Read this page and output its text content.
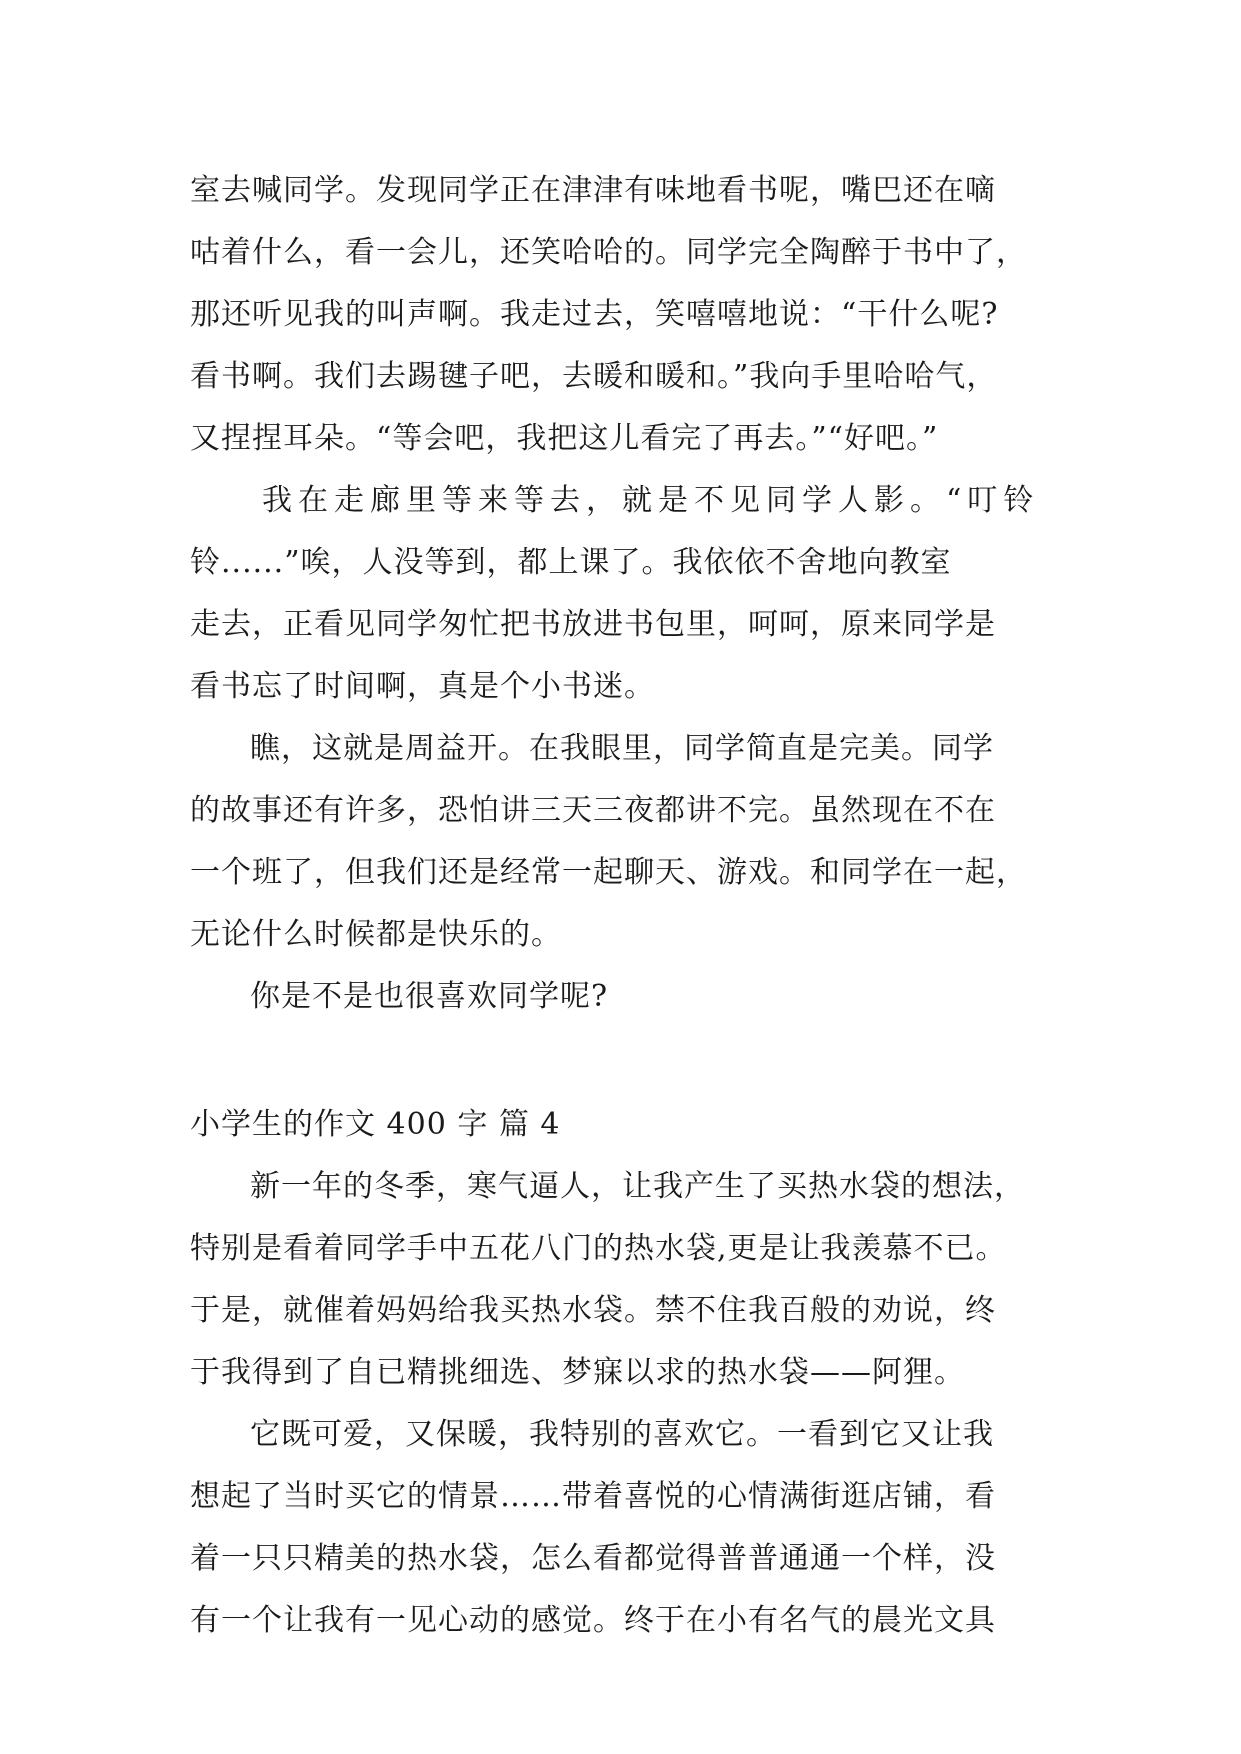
室去喊同学。发现同学正在津津有味地看书呢，嘴巴还在嘀
咕着什么，看一会儿，还笑哈哈的。同学完全陶醉于书中了，
那还听见我的叫声啊。我走过去，笑嘻嘻地说：“干什么呢?
看书啊。我们去踢毽子吧，去暖和暖和。”我向手里哈哈气，
又捏捏耳朵。“等会吧，我把这儿看完了再去。”“好吧。”
我在走廊里等来等去，就是不见同学人影。“叮铃
铃......”唉，人没等到，都上课了。我依依不舍地向教室
走去，正看见同学匆忙把书放进书包里，呵呵，原来同学是
看书忘了时间啊，真是个小书迷。
瞧，这就是周益开。在我眼里，同学简直是完美。同学
的故事还有许多，恐怕讲三天三夜都讲不完。虽然现在不在
一个班了，但我们还是经常一起聊天、游戏。和同学在一起，
无论什么时候都是快乐的。
你是不是也很喜欢同学呢?
小学生的作文 400 字 篇 4
新一年的冬季，寒气逼人，让我产生了买热水袋的想法，
特别是看着同学手中五花八门的热水袋,更是让我羡慕不已。
于是，就催着妈妈给我买热水袋。禁不住我百般的劝说，终
于我得到了自已精挑细选、梦寐以求的热水袋——阿狸。
它既可爱，又保暖，我特别的喜欢它。一看到它又让我
想起了当时买它的情景……带着喜悦的心情满街逛店铺，看
着一只只精美的热水袋，怎么看都觉得普普通通一个样，没
有一个让我有一见心动的感觉。终于在小有名气的晨光文具
